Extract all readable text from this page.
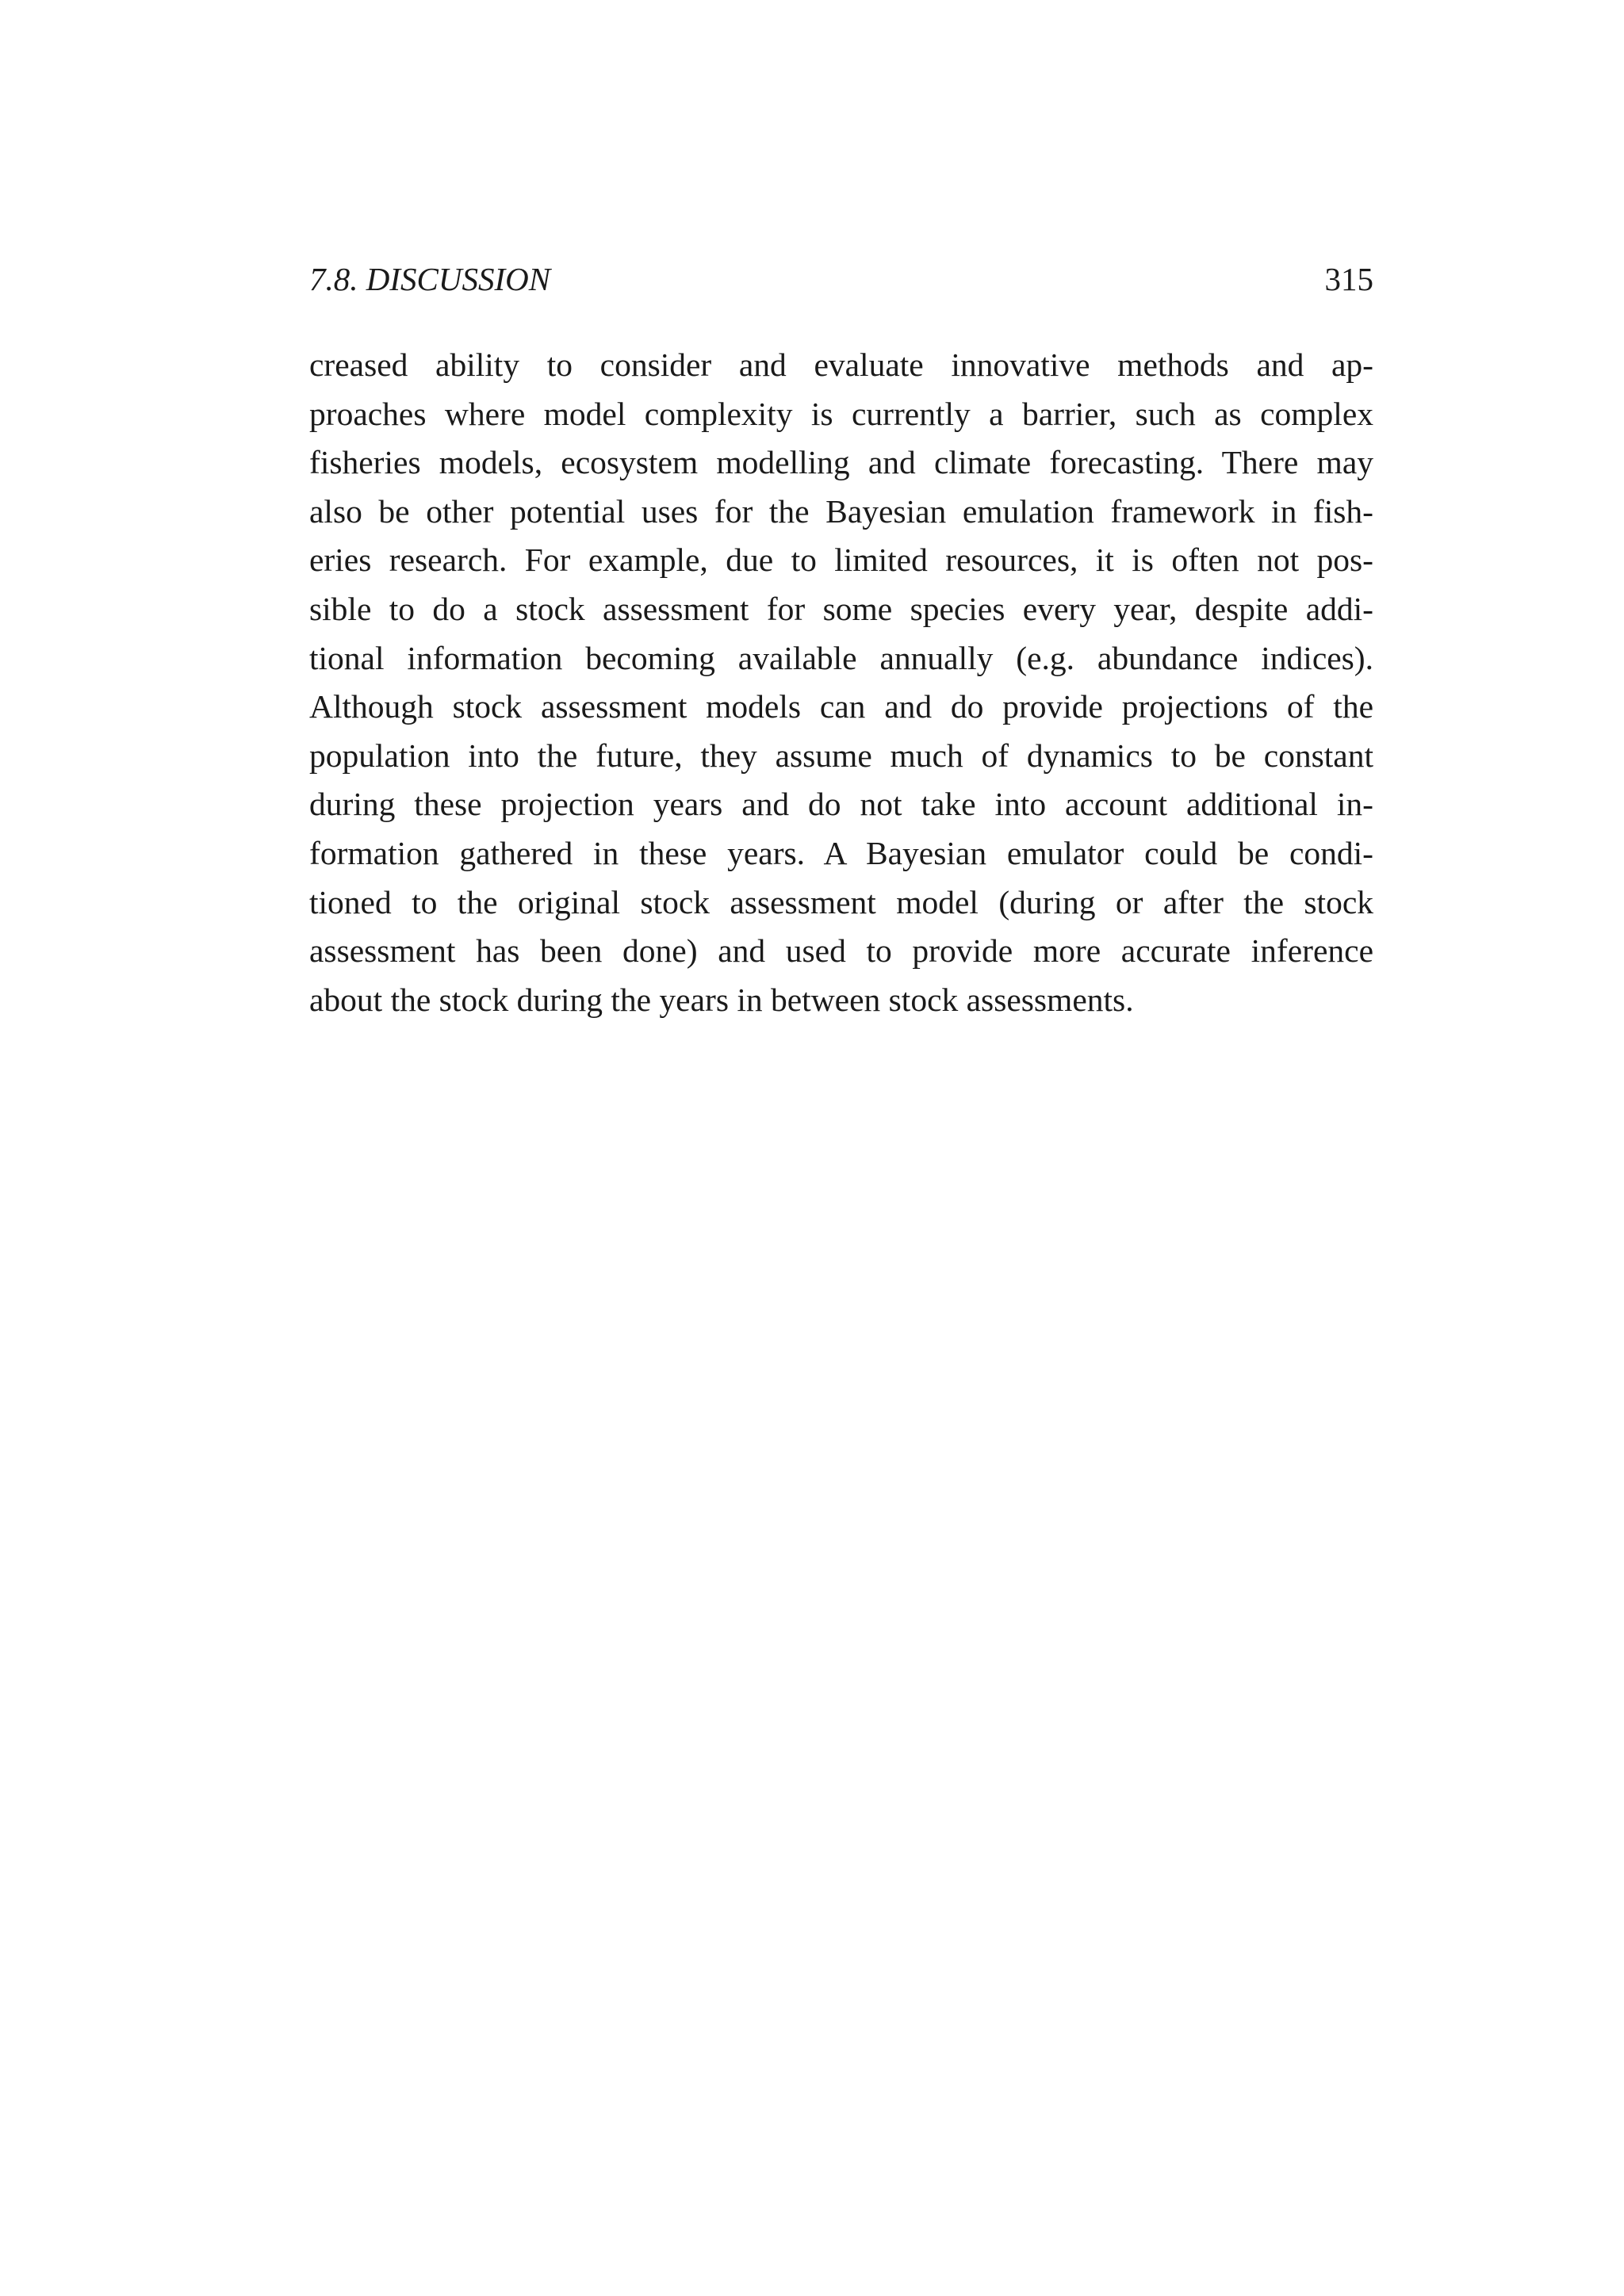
7.8. DISCUSSION	315
creased ability to consider and evaluate innovative methods and ap-
proaches where model complexity is currently a barrier, such as complex
fisheries models, ecosystem modelling and climate forecasting. There may
also be other potential uses for the Bayesian emulation framework in fish-
eries research. For example, due to limited resources, it is often not pos-
sible to do a stock assessment for some species every year, despite addi-
tional information becoming available annually (e.g. abundance indices).
Although stock assessment models can and do provide projections of the
population into the future, they assume much of dynamics to be constant
during these projection years and do not take into account additional in-
formation gathered in these years. A Bayesian emulator could be condi-
tioned to the original stock assessment model (during or after the stock
assessment has been done) and used to provide more accurate inference
about the stock during the years in between stock assessments.
